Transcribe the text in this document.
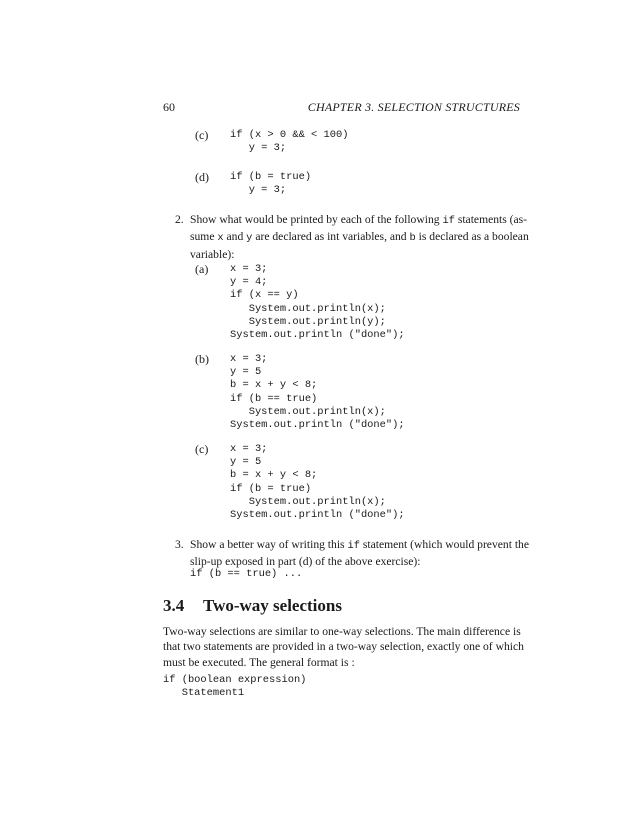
60	CHAPTER 3. SELECTION STRUCTURES
(c) if (x > 0 && < 100)
y = 3;
(d) if (b = true)
y = 3;
2. Show what would be printed by each of the following if statements (as-
sume x and y are declared as int variables, and b is declared as a boolean
variable):
(a) x = 3;
y = 4;
if (x == y)
System.out.println(x);
System.out.println(y);
System.out.println ("done");
(b) x = 3;
y = 5
b = x + y < 8;
if (b == true)
System.out.println(x);
System.out.println ("done");
(c) x = 3;
y = 5
b = x + y < 8;
if (b = true)
System.out.println(x);
System.out.println ("done");
3. Show a better way of writing this if statement (which would prevent the
slip-up exposed in part (d) of the above exercise):
if (b == true) ...
3.4 Two-way selections
Two-way selections are similar to one-way selections. The main difference is
that two statements are provided in a two-way selection, exactly one of which
must be executed. The general format is :
if (boolean expression)
Statement1
